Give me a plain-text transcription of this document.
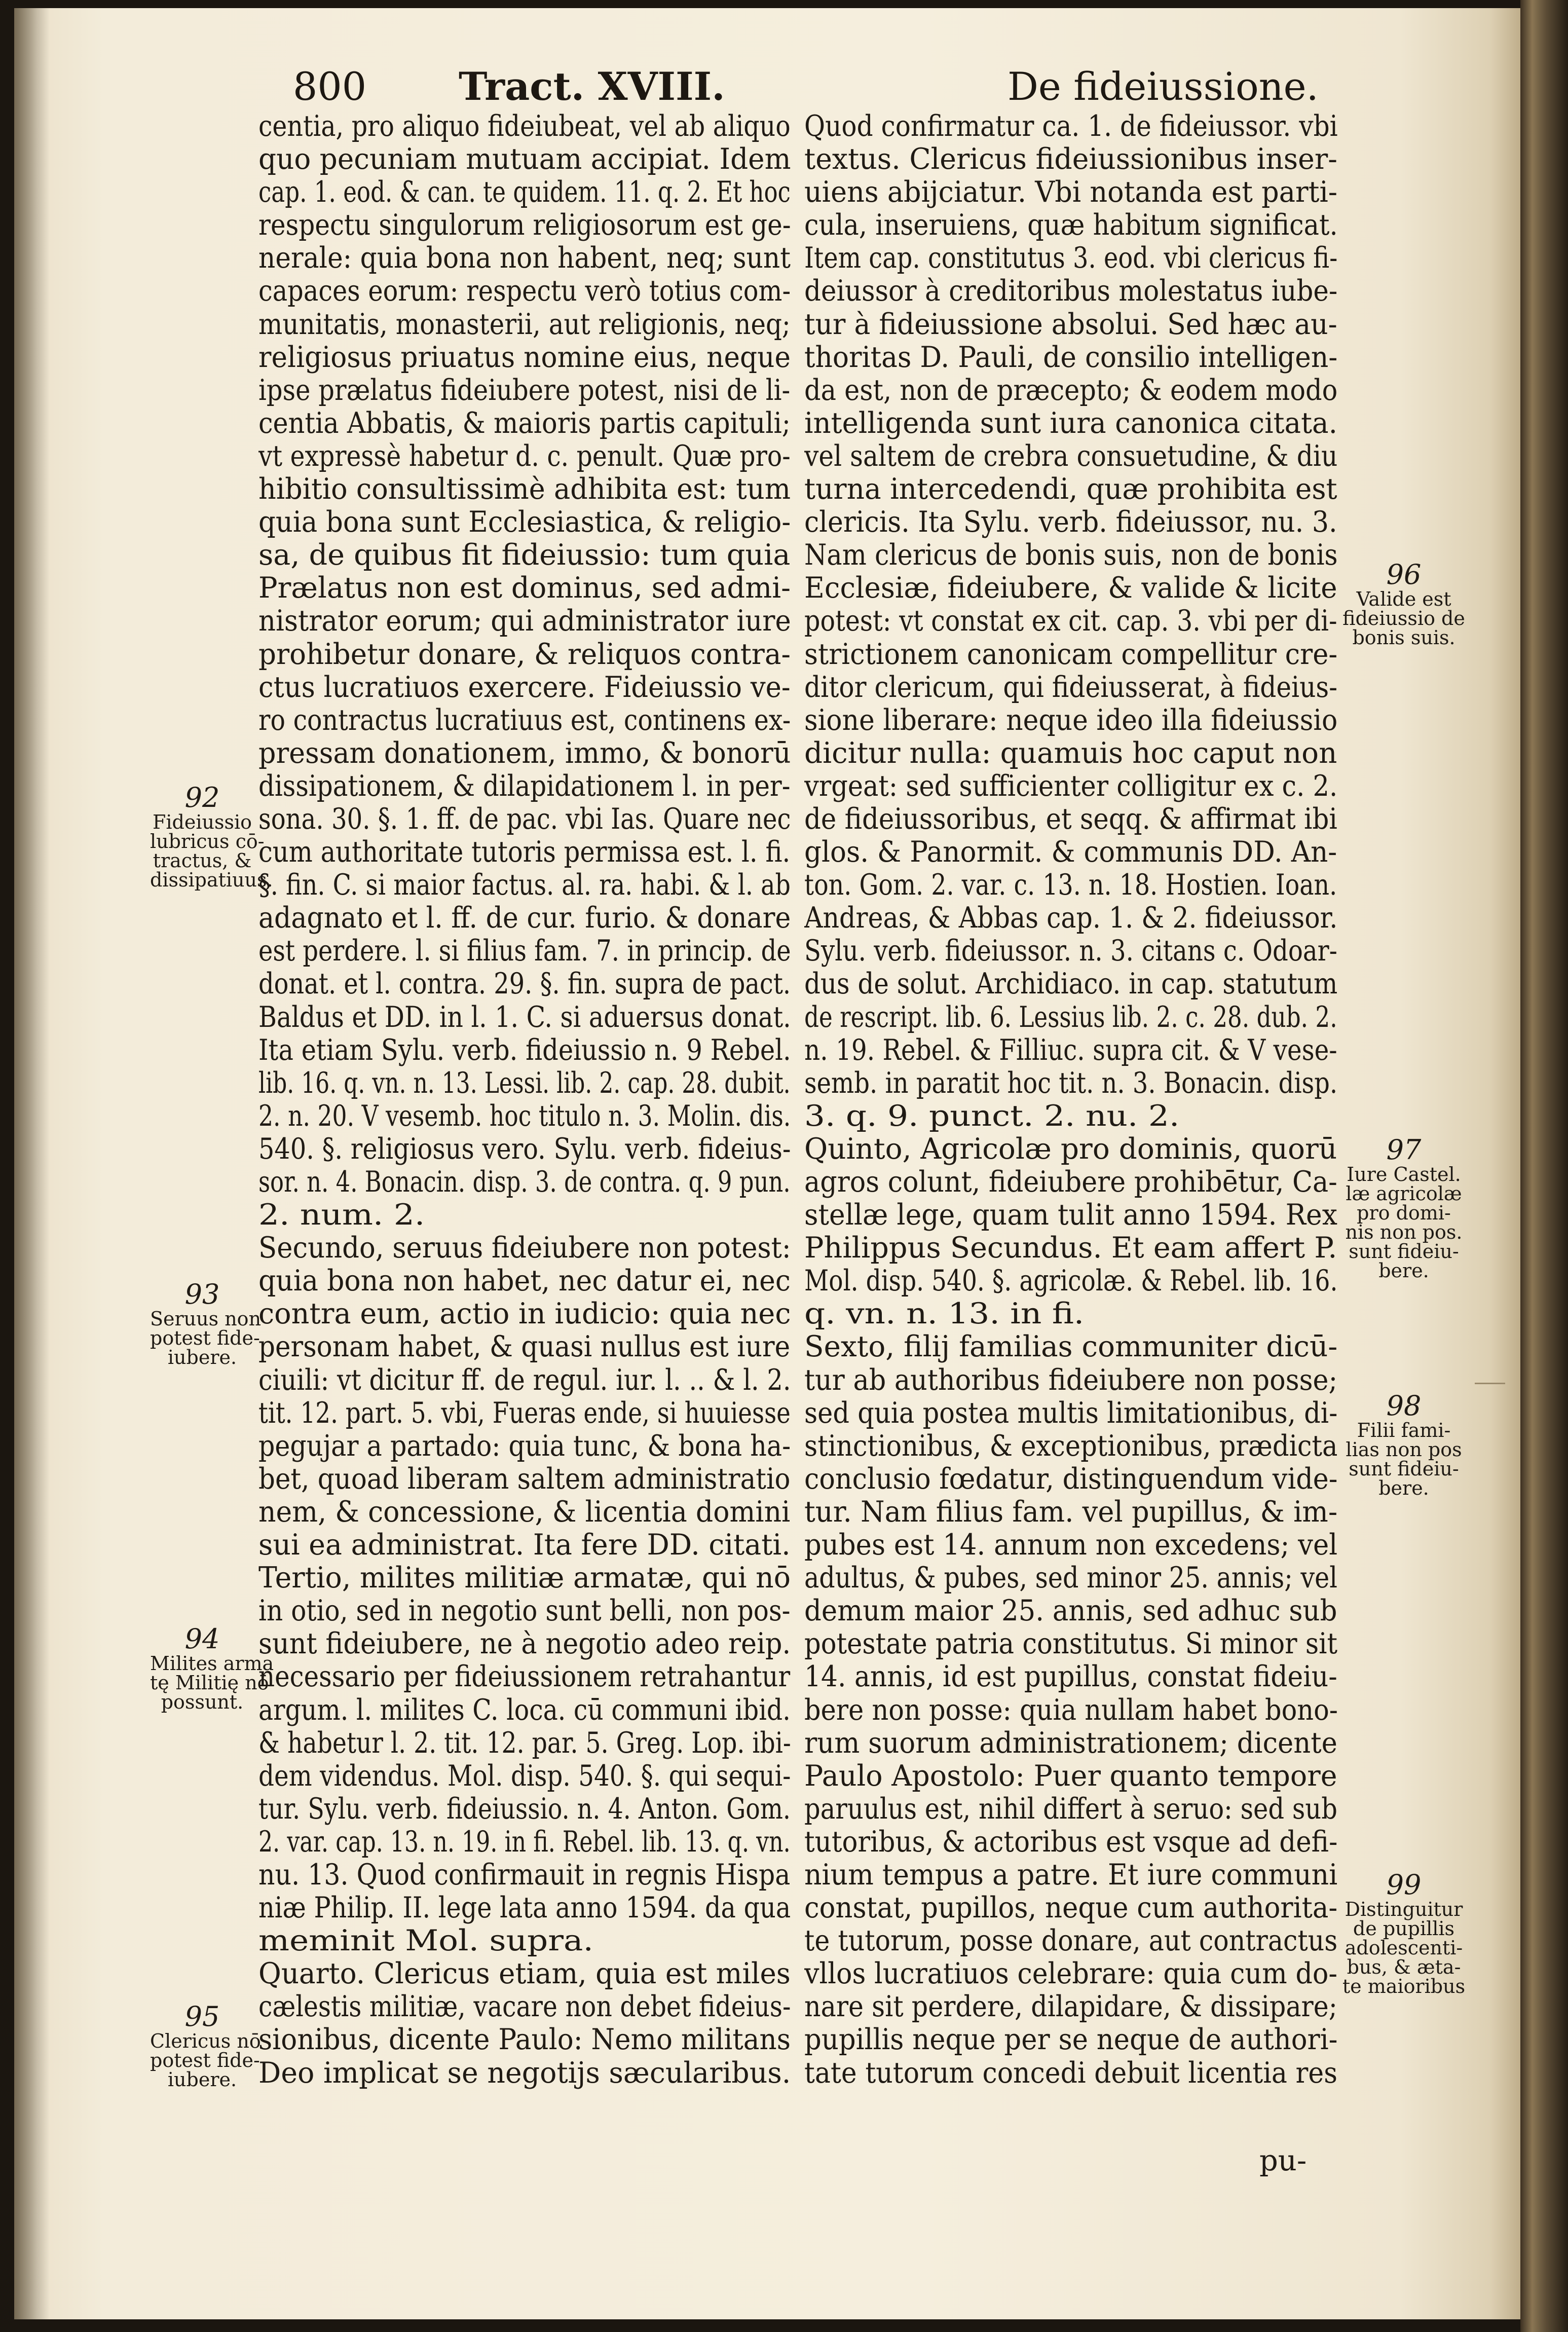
800 Tract. XVIII.	De fideiussione.
centia, pro aliquo fideiubeat, vel ab aliquo
quo pecuniam mutuam accipiat. Idem
cap. 1. eod. & can. te quidem. 11. q. 2. Et hoc
respectu singulorum religiosorum est ge-
nerale: quia bona non habent, neq; sunt
capaces eorum: respectu verò totius com-
munitatis, monasterii, aut religionis, neq;
religiosus priuatus nomine eius, neque
ipse prælatus fideiubere potest, nisi de li-
centia Abbatis, & maioris partis capituli;
vt expressè habetur d. c. penult. Quæ pro-
hibitio consultissimè adhibita est: tum
quia bona sunt Ecclesiastica, & religio-
sa, de quibus fit fideiussio: tum quia
Prælatus non est dominus, sed admi-
nistrator eorum; qui administrator iure
prohibetur donare, & reliquos contra-
ctus lucratiuos exercere. Fideiussio ve-
ro contractus lucratiuus est, continens ex-
pressam donationem, immo, & bonorū
dissipationem, & dilapidationem l. in per-
sona. 30. §. 1. ff. de pac. vbi Ias. Quare nec
cum authoritate tutoris permissa est. l. fi.
§. fin. C. si maior factus. al. ra. habi. & l. ab
adagnato et l. ff. de cur. furio. & donare
est perdere. l. si filius fam. 7. in princip. de
donat. et l. contra. 29. §. fin. supra de pact.
Baldus et DD. in l. 1. C. si aduersus donat.
Ita etiam Sylu. verb. fideiussio n. 9 Rebel.
lib. 16. q. vn. n. 13. Lessi. lib. 2. cap. 28. dubit.
2. n. 20. V vesemb. hoc titulo n. 3. Molin. dis.
540. §. religiosus vero. Sylu. verb. fideius-
sor. n. 4. Bonacin. disp. 3. de contra. q. 9 pun.
2. num. 2.
Secundo, seruus fideiubere non potest:
quia bona non habet, nec datur ei, nec
contra eum, actio in iudicio: quia nec
personam habet, & quasi nullus est iure
ciuili: vt dicitur ff. de regul. iur. l. .. & l. 2.
tit. 12. part. 5. vbi, Fueras ende, si huuiesse
pegujar a partado: quia tunc, & bona ha-
bet, quoad liberam saltem administratio
nem, & concessione, & licentia domini
sui ea administrat. Ita fere DD. citati.
Tertio, milites militiæ armatæ, qui nō
in otio, sed in negotio sunt belli, non pos-
sunt fideiubere, ne à negotio adeo reip.
necessario per fideiussionem retrahantur
argum. l. milites C. loca. cū communi ibid.
& habetur l. 2. tit. 12. par. 5. Greg. Lop. ibi-
dem videndus. Mol. disp. 540. §. qui sequi-
tur. Sylu. verb. fideiussio. n. 4. Anton. Gom.
2. var. cap. 13. n. 19. in fi. Rebel. lib. 13. q. vn.
nu. 13. Quod confirmauit in regnis Hispa
niæ Philip. II. lege lata anno 1594. da qua
meminit Mol. supra.
Quarto. Clericus etiam, quia est miles
cælestis militiæ, vacare non debet fideius-
sionibus, dicente Paulo: Nemo militans
Deo implicat se negotijs sæcularibus.
Quod confirmatur ca. 1. de fideiussor. vbi
textus. Clericus fideiussionibus inser-
uiens abijciatur. Vbi notanda est parti-
cula, inseruiens, quæ habitum significat.
Item cap. constitutus 3. eod. vbi clericus fi-
deiussor à creditoribus molestatus iube-
tur à fideiussione absolui. Sed hæc au-
thoritas D. Pauli, de consilio intelligen-
da est, non de præcepto; & eodem modo
intelligenda sunt iura canonica citata.
vel saltem de crebra consuetudine, & diu
turna intercedendi, quæ prohibita est
clericis. Ita Sylu. verb. fideiussor, nu. 3.
Nam clericus de bonis suis, non de bonis
Ecclesiæ, fideiubere, & valide & licite
potest: vt constat ex cit. cap. 3. vbi per di-
strictionem canonicam compellitur cre-
ditor clericum, qui fideiusserat, à fideius-
sione liberare: neque ideo illa fideiussio
dicitur nulla: quamuis hoc caput non
vrgeat: sed sufficienter colligitur ex c. 2.
de fideiussoribus, et seqq. & affirmat ibi
glos. & Panormit. & communis DD. An-
ton. Gom. 2. var. c. 13. n. 18. Hostien. Ioan.
Andreas, & Abbas cap. 1. & 2. fideiussor.
Sylu. verb. fideiussor. n. 3. citans c. Odoar-
dus de solut. Archidiaco. in cap. statutum
de rescript. lib. 6. Lessius lib. 2. c. 28. dub. 2.
n. 19. Rebel. & Filliuc. supra cit. & V vese-
semb. in paratit hoc tit. n. 3. Bonacin. disp.
3. q. 9. punct. 2. nu. 2.
Quinto, Agricolæ pro dominis, quorū
agros colunt, fideiubere prohibētur, Ca-
stellæ lege, quam tulit anno 1594. Rex
Philippus Secundus. Et eam affert P.
Mol. disp. 540. §. agricolæ. & Rebel. lib. 16.
q. vn. n. 13. in fi.
Sexto, filij familias communiter dicū-
tur ab authoribus fideiubere non posse;
sed quia postea multis limitationibus, di-
stinctionibus, & exceptionibus, prædicta
conclusio fœdatur, distinguendum vide-
tur. Nam filius fam. vel pupillus, & im-
pubes est 14. annum non excedens; vel
adultus, & pubes, sed minor 25. annis; vel
demum maior 25. annis, sed adhuc sub
potestate patria constitutus. Si minor sit
14. annis, id est pupillus, constat fideiu-
bere non posse: quia nullam habet bono-
rum suorum administrationem; dicente
Paulo Apostolo: Puer quanto tempore
paruulus est, nihil differt à seruo: sed sub
tutoribus, & actoribus est vsque ad defi-
nium tempus a patre. Et iure communi
constat, pupillos, neque cum authorita-
te tutorum, posse donare, aut contractus
vllos lucratiuos celebrare: quia cum do-
nare sit perdere, dilapidare, & dissipare;
pupillis neque per se neque de authori-
tate tutorum concedi debuit licentia res
92
Fideiussio
lubricus cō-
tractus, &
dissipatiuus.
93
Seruus non
potest fide-
iubere.
94
Milites arma
tę Militię nō
possunt.
95
Clericus nō
potest fide-
iubere.
96
Valide est
fideiussio de
bonis suis.
97
Iure Castel.
læ agricolæ
pro domi-
nis non pos.
sunt fideiu-
bere.
98
Filii fami-
lias non pos
sunt fideiu-
bere.
99
Distinguitur
de pupillis
adolescenti-
bus, & æta-
te maioribus
pu-
